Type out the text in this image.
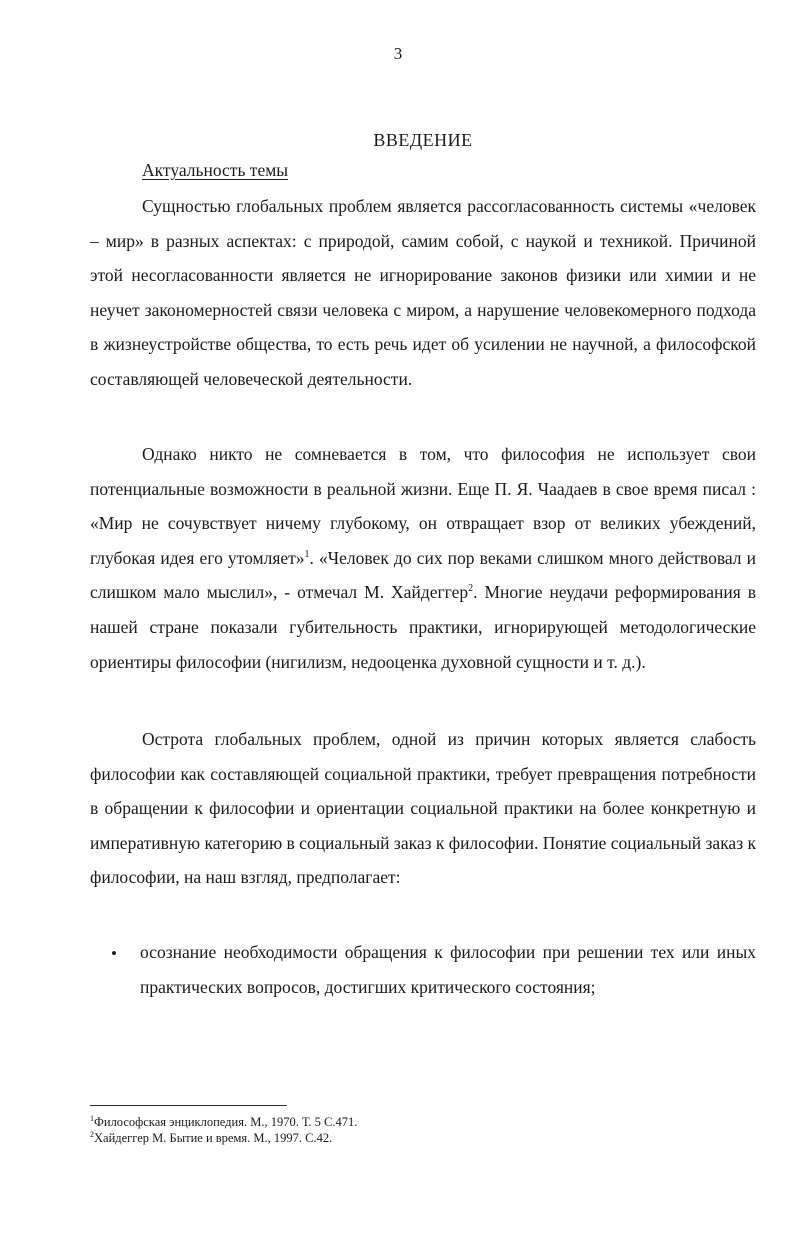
3
ВВЕДЕНИЕ
Актуальность темы

Сущностью глобальных проблем является рассогласованность системы «человек – мир» в разных аспектах: с природой, самим собой, с наукой и техникой. Причиной этой несогласованности является не игнорирование законов физики или химии и не неучет закономерностей связи человека с миром, а нарушение человекомерного подхода в жизнеустройстве общества, то есть речь идет об усилении не научной, а философской составляющей человеческой деятельности.

Однако никто не сомневается в том, что философия не использует свои потенциальные возможности в реальной жизни. Еще П. Я. Чаадаев в свое время писал : «Мир не сочувствует ничему глубокому, он отвращает взор от великих убеждений, глубокая идея его утомляет»$^1$. «Человек до сих пор веками слишком много действовал и слишком мало мыслил», - отмечал М. Хайдеггер$^2$. Многие неудачи реформирования в нашей стране показали губительность практики, игнорирующей методологические ориентиры философии (нигилизм, недооценка духовной сущности и т. д.).

Острота глобальных проблем, одной из причин которых является слабость философии как составляющей социальной практики, требует превращения потребности в обращении к философии и ориентации социальной практики на более конкретную и императивную категорию в социальный заказ к философии. Понятие социальный заказ к философии, на наш взгляд, предполагает:

• осознание необходимости обращения к философии при решении тех или иных практических вопросов, достигших критического состояния;

$^1$Философская энциклопедия. М., 1970. Т. 5 С.471.
$^2$Хайдеггер М. Бытие и время. М., 1997. С.42.
